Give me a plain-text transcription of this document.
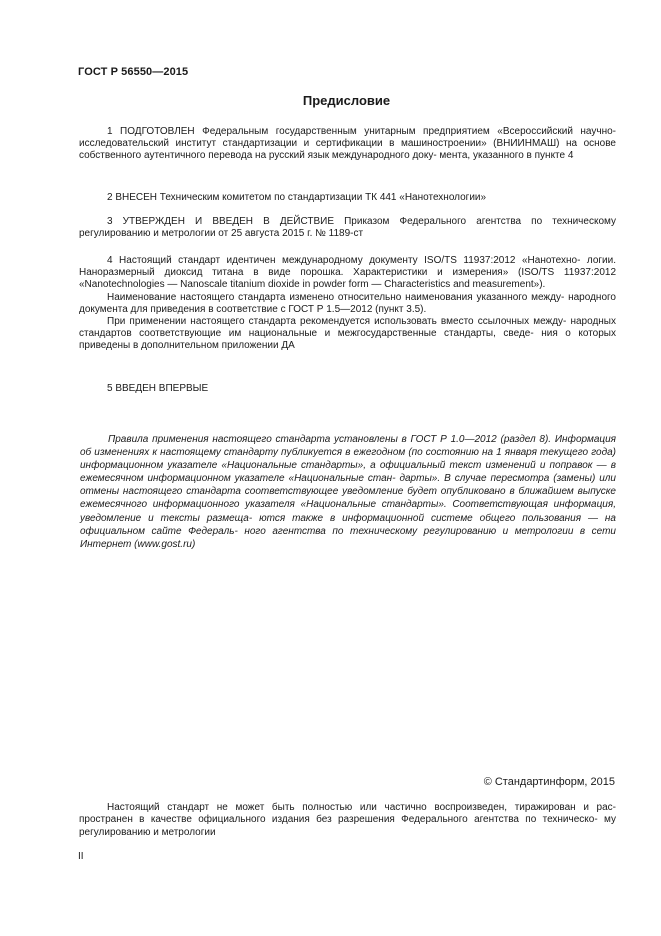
ГОСТ Р 56550—2015
Предисловие

1 ПОДГОТОВЛЕН Федеральным государственным унитарным предприятием «Всероссийский научно-исследовательский институт стандартизации и сертификации в машиностроении» (ВНИИНМАШ) на основе собственного аутентичного перевода на русский язык международного доку- мента, указанного в пункте 4

2 ВНЕСЕН Техническим комитетом по стандартизации ТК 441 «Нанотехнологии»

3 УТВЕРЖДЕН И ВВЕДЕН В ДЕЙСТВИЕ Приказом Федерального агентства по техническому регулированию и метрологии от 25 августа 2015 г. № 1189-ст

4 Настоящий стандарт идентичен международному документу ISO/TS 11937:2012 «Нанотехно- логии. Наноразмерный диоксид титана в виде порошка. Характеристики и измерения» (ISO/TS 11937:2012 «Nanotechnologies — Nanoscale titanium dioxide in powder form — Characteristics and measurement»).

Наименование настоящего стандарта изменено относительно наименования указанного между- народного документа для приведения в соответствие с ГОСТ Р 1.5—2012 (пункт 3.5).

При применении настоящего стандарта рекомендуется использовать вместо ссылочных между- народных стандартов соответствующие им национальные и межгосударственные стандарты, сведе- ния о которых приведены в дополнительном приложении ДА

5 ВВЕДЕН ВПЕРВЫЕ

Правила применения настоящего стандарта установлены в ГОСТ Р 1.0—2012 (раздел 8). Информация об изменениях к настоящему стандарту публикуется в ежегодном (по состоянию на 1 января текущего года) информационном указателе «Национальные стандарты», а официальный текст изменений и поправок — в ежемесячном информационном указателе «Национальные стан- дарты». В случае пересмотра (замены) или отмены настоящего стандарта соответствующее уведомление будет опубликовано в ближайшем выпуске ежемесячного информационного указателя «Национальные стандарты». Соответствующая информация, уведомление и тексты размеща- ются также в информационной системе общего пользования — на официальном сайте Федераль- ного агентства по техническому регулированию и метрологии в сети Интернет (www.gost.ru)

© Стандартинформ, 2015

Настоящий стандарт не может быть полностью или частично воспроизведен, тиражирован и рас- пространен в качестве официального издания без разрешения Федерального агентства по техническо- му регулированию и метрологии

II
